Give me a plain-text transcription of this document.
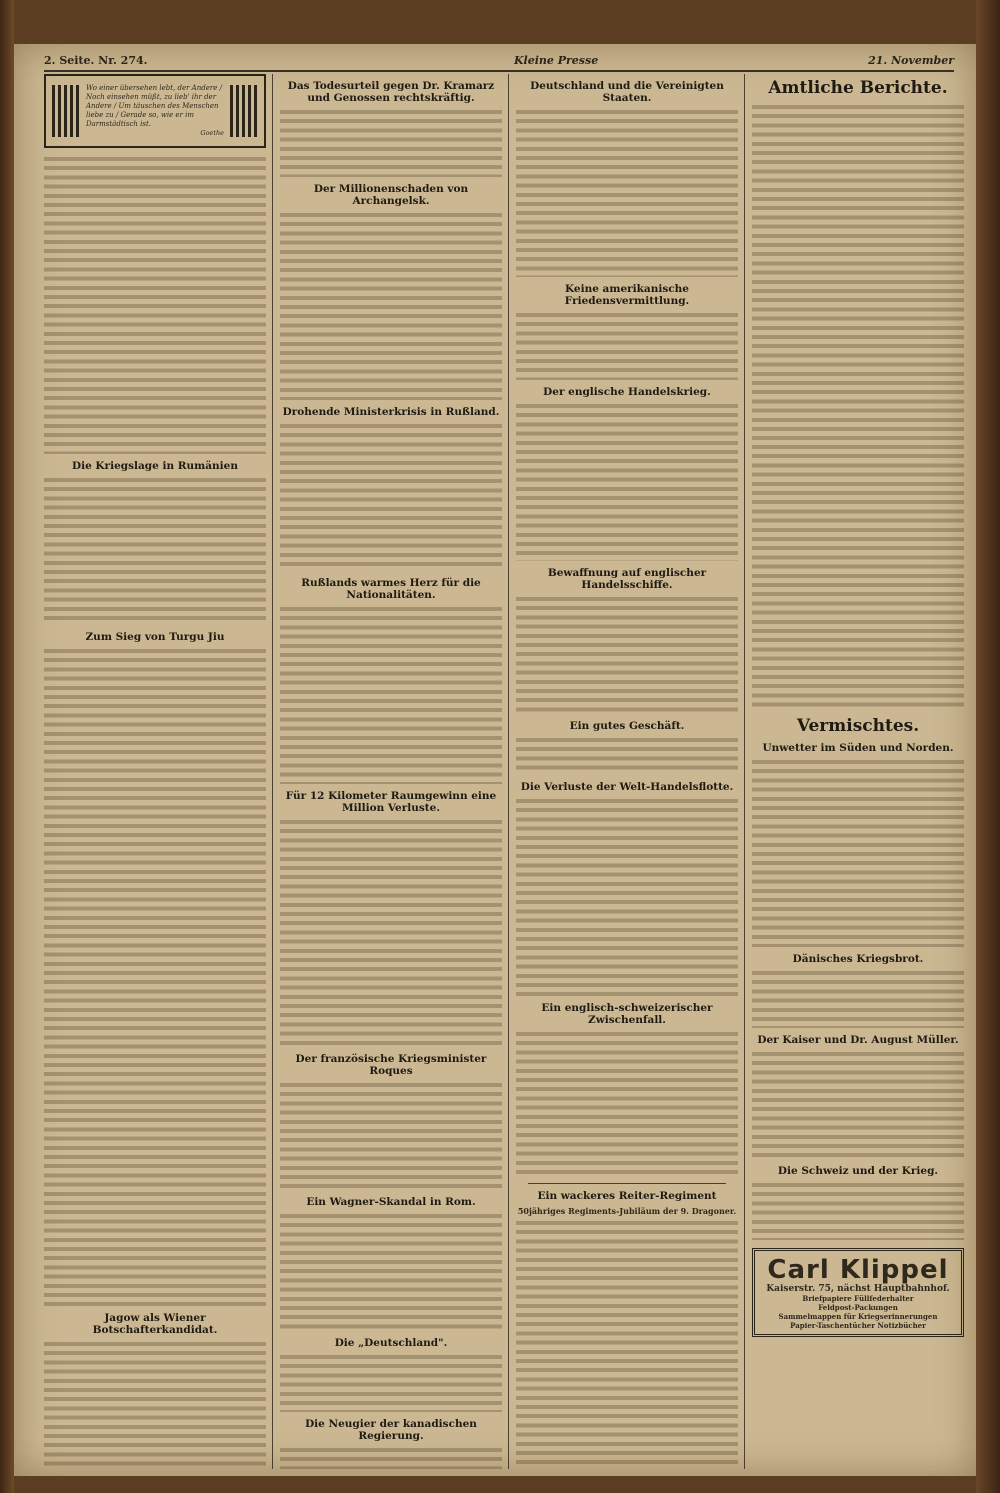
2. Seite. Nr. 274.	Kleine Presse	21. November
Wo einer übersehen lebt, der Andere / Noch einsehen müßt, zu lieb' ihr der Andere / Um täuschen des Menschen liebe zu / Gerade so, wie er im Darmstädtisch ist.
Goethe
Die Kriegslage in Rumänien
Zum Sieg von Turgu Jiu
Jagow als Wiener Botschafterkandidat.
Das Todesurteil gegen Dr. Kramarz und Genossen rechtskräftig.
Der Millionenschaden von Archangelsk.
Drohende Ministerkrisis in Rußland.
Rußlands warmes Herz für die Nationalitäten.
Für 12 Kilometer Raumgewinn eine Million Verluste.
Der französische Kriegsminister Roques
Ein Wagner-Skandal in Rom.
Die „Deutschland".
Die Neugier der kanadischen Regierung.
Deutschland und die Vereinigten Staaten.
Keine amerikanische Friedensvermittlung.
Der englische Handelskrieg.
Bewaffnung auf englischer Handelsschiffe.
Ein gutes Geschäft.
Die Verluste der Welt-Handelsflotte.
Ein englisch-schweizerischer Zwischenfall.
Ein wackeres Reiter-Regiment
50jähriges Regiments-Jubiläum der 9. Dragoner.
Amtliche Berichte.
Vermischtes.
Unwetter im Süden und Norden.
Dänisches Kriegsbrot.
Der Kaiser und Dr. August Müller.
Die Schweiz und der Krieg.
Carl Klippel
Kaiserstr. 75, nächst Hauptbahnhof.
Briefpapiere Füllfederhalter
Feldpost-Packungen
Sammelmappen für Kriegserinnerungen
Papier-Taschentücher Notizbücher
